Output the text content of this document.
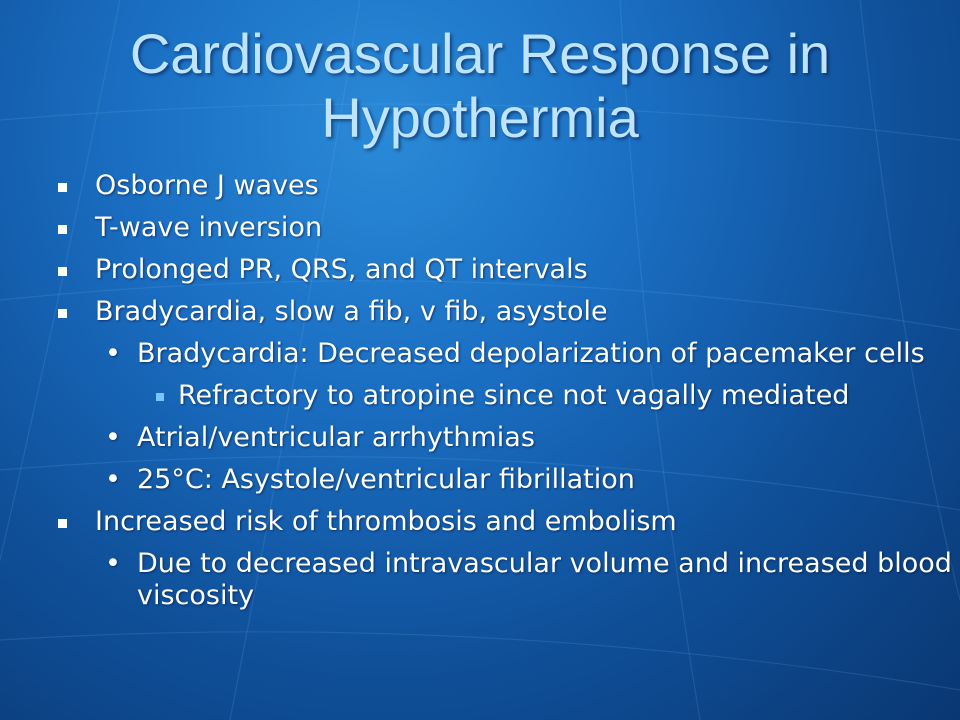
Cardiovascular Response in Hypothermia
Osborne J waves
T-wave inversion
Prolonged PR, QRS, and QT intervals
Bradycardia, slow a fib, v fib, asystole
• Bradycardia: Decreased depolarization of pacemaker cells
Refractory to atropine since not vagally mediated
• Atrial/ventricular arrhythmias
• 25°C: Asystole/ventricular fibrillation
Increased risk of thrombosis and embolism
• Due to decreased intravascular volume and increased blood viscosity
